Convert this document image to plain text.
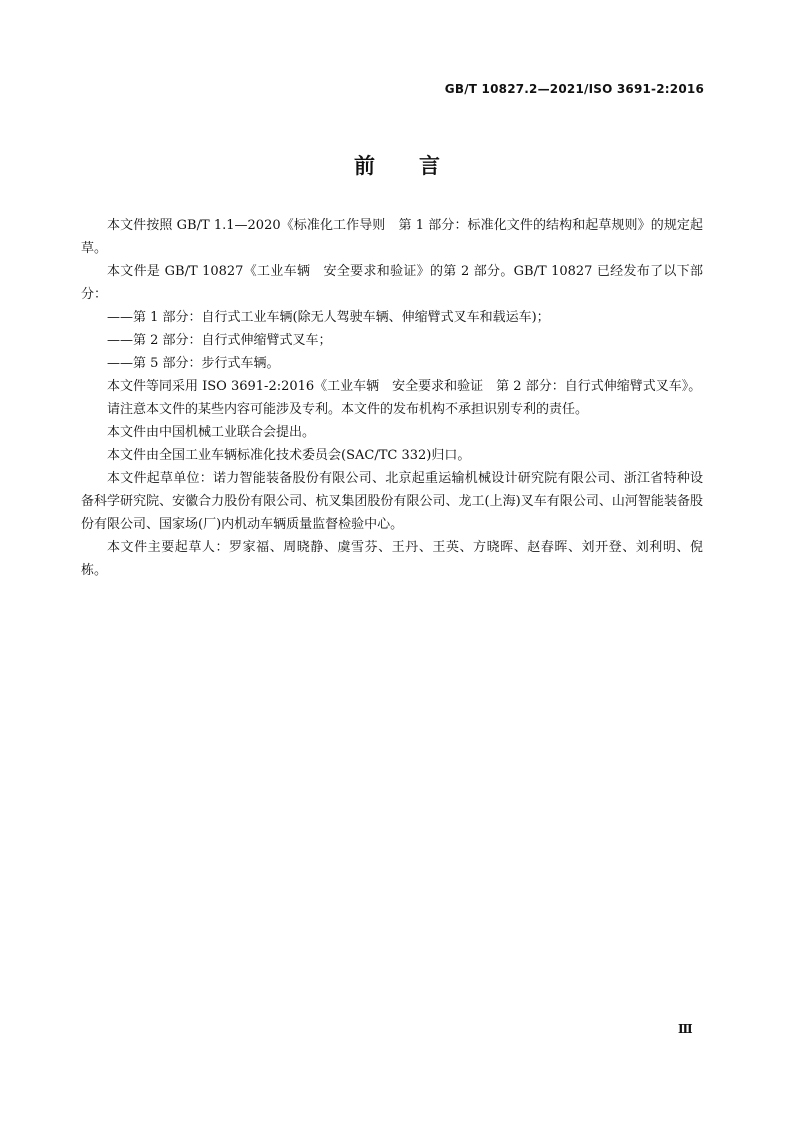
GB/T 10827.2—2021/ISO 3691-2:2016
前 言

本文件按照 GB/T 1.1—2020《标准化工作导则　第 1 部分：标准化文件的结构和起草规则》的规定起草。

本文件是 GB/T 10827《工业车辆　安全要求和验证》的第 2 部分。GB/T 10827 已经发布了以下部分：

——第 1 部分：自行式工业车辆(除无人驾驶车辆、伸缩臂式叉车和载运车)；

——第 2 部分：自行式伸缩臂式叉车；

——第 5 部分：步行式车辆。

本文件等同采用 ISO 3691-2:2016《工业车辆　安全要求和验证　第 2 部分：自行式伸缩臂式叉车》。

请注意本文件的某些内容可能涉及专利。本文件的发布机构不承担识别专利的责任。

本文件由中国机械工业联合会提出。

本文件由全国工业车辆标准化技术委员会(SAC/TC 332)归口。

本文件起草单位：诺力智能装备股份有限公司、北京起重运输机械设计研究院有限公司、浙江省特种设备科学研究院、安徽合力股份有限公司、杭叉集团股份有限公司、龙工(上海)叉车有限公司、山河智能装备股份有限公司、国家场(厂)内机动车辆质量监督检验中心。

本文件主要起草人：罗家福、周晓静、虞雪芬、王丹、王英、方晓晖、赵春晖、刘开登、刘利明、倪栋。

Ⅲ
